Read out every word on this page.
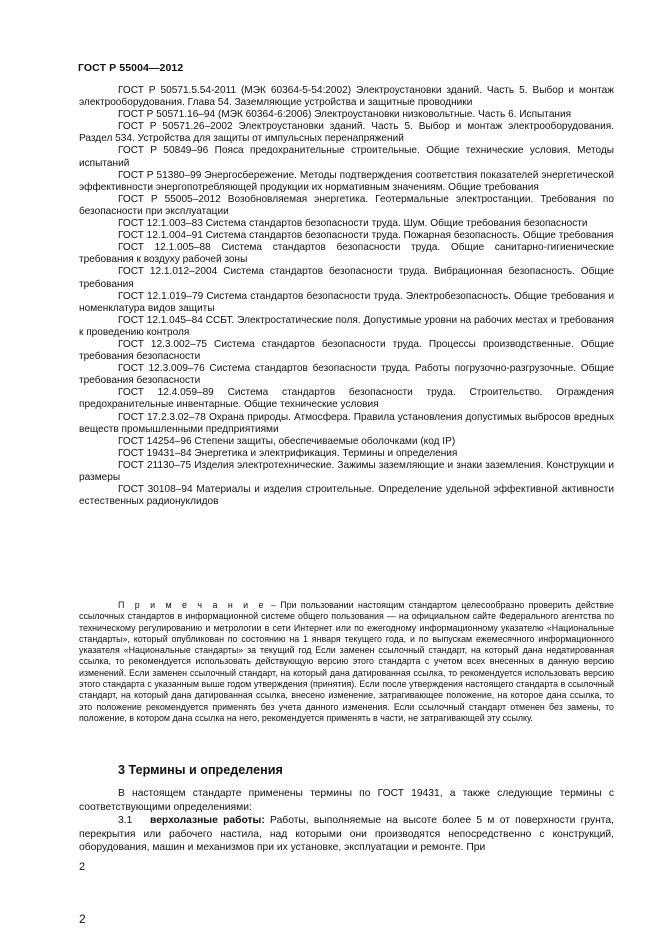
ГОСТ Р 55004—2012

ГОСТ Р 50571.5.54-2011 (МЭК 60364-5-54:2002) Электроустановки зданий. Часть 5. Выбор и монтаж электрооборудования. Глава 54. Заземляющие устройства и защитные проводники

ГОСТ Р 50571.16–94 (МЭК 60364-6:2006) Электроустановки низковольтные. Часть 6. Испытания

ГОСТ Р 50571.26–2002 Электроустановки зданий. Часть 5. Выбор и монтаж электрооборудования. Раздел 534. Устройства для защиты от импульсных перенапряжений

ГОСТ Р 50849–96 Пояса предохранительные строительные. Общие технические условия. Методы испытаний

ГОСТ Р 51380–99 Энергосбережение. Методы подтверждения соответствия показателей энергетической эффективности энергопотребляющей продукции их нормативным значениям. Общие требования

ГОСТ Р 55005–2012 Возобновляемая энергетика. Геотермальные электростанции. Требования по безопасности при эксплуатации

ГОСТ 12.1.003–83 Система стандартов безопасности труда. Шум. Общие требования безопасности

ГОСТ 12.1.004–91 Система стандартов безопасности труда. Пожарная безопасность. Общие требования

ГОСТ 12.1.005–88 Система стандартов безопасности труда. Общие санитарно-гигиенические требования к воздуху рабочей зоны

ГОСТ 12.1.012–2004 Система стандартов безопасности труда. Вибрационная безопасность. Общие требования

ГОСТ 12.1.019–79 Система стандартов безопасности труда. Электробезопасность. Общие требования и номенклатура видов защиты

ГОСТ 12.1.045–84 ССБТ. Электростатические поля. Допустимые уровни на рабочих местах и требования к проведению контроля

ГОСТ 12.3.002–75 Система стандартов безопасности труда. Процессы производственные. Общие требования безопасности

ГОСТ 12.3.009–76 Система стандартов безопасности труда. Работы погрузочно-разгрузочные. Общие требования безопасности

ГОСТ 12.4.059–89 Система стандартов безопасности труда. Строительство. Ограждения предохранительные инвентарные. Общие технические условия

ГОСТ 17.2.3.02–78 Охрана природы. Атмосфера. Правила установления допустимых выбросов вредных веществ промышленными предприятиями

ГОСТ 14254–96 Степени защиты, обеспечиваемые оболочками (код IP)

ГОСТ 19431–84 Энергетика и электрификация. Термины и определения

ГОСТ 21130–75 Изделия электротехнические. Зажимы заземляющие и знаки заземления. Конструкции и размеры

ГОСТ 30108–94 Материалы и изделия строительные. Определение удельной эффективной активности естественных радионуклидов

П р и м е ч а н и е – При пользовании настоящим стандартом целесообразно проверить действие ссылочных стандартов в информационной системе общего пользования — на официальном сайте Федерального агентства по техническому регулированию и метрологии в сети Интернет или по ежегодному информационному указателю «Национальные стандарты», который опубликован по состоянию на 1 января текущего года, и по выпускам ежемесячного информационного указателя «Национальные стандарты» за текущий год Если заменен ссылочный стандарт, на который дана недатированная ссылка, то рекомендуется использовать действующую версию этого стандарта с учетом всех внесенных в данную версию изменений. Если заменен ссылочный стандарт, на который дана датированная ссылка, то рекомендуется использовать версию этого стандарта с указанным выше годом утверждения (принятия). Если после утверждения настоящего стандарта в ссылочный стандарт, на который дана датированная ссылка, внесено изменение, затрагивающее положение, на которое дана ссылка, то это положение рекомендуется применять без учета данного изменения. Если ссылочный стандарт отменен без замены, то положение, в котором дана ссылка на него, рекомендуется применять в части, не затрагивающей эту ссылку.

3 Термины и определения

В настоящем стандарте применены термины по ГОСТ 19431, а также следующие термины с соответствующими определениями:

3.1 верхолазные работы: Работы, выполняемые на высоте более 5 м от поверхности грунта, перекрытия или рабочего настила, над которыми они производятся непосредственно с конструкций, оборудования, машин и механизмов при их установке, эксплуатации и ремонте. При

2
2
